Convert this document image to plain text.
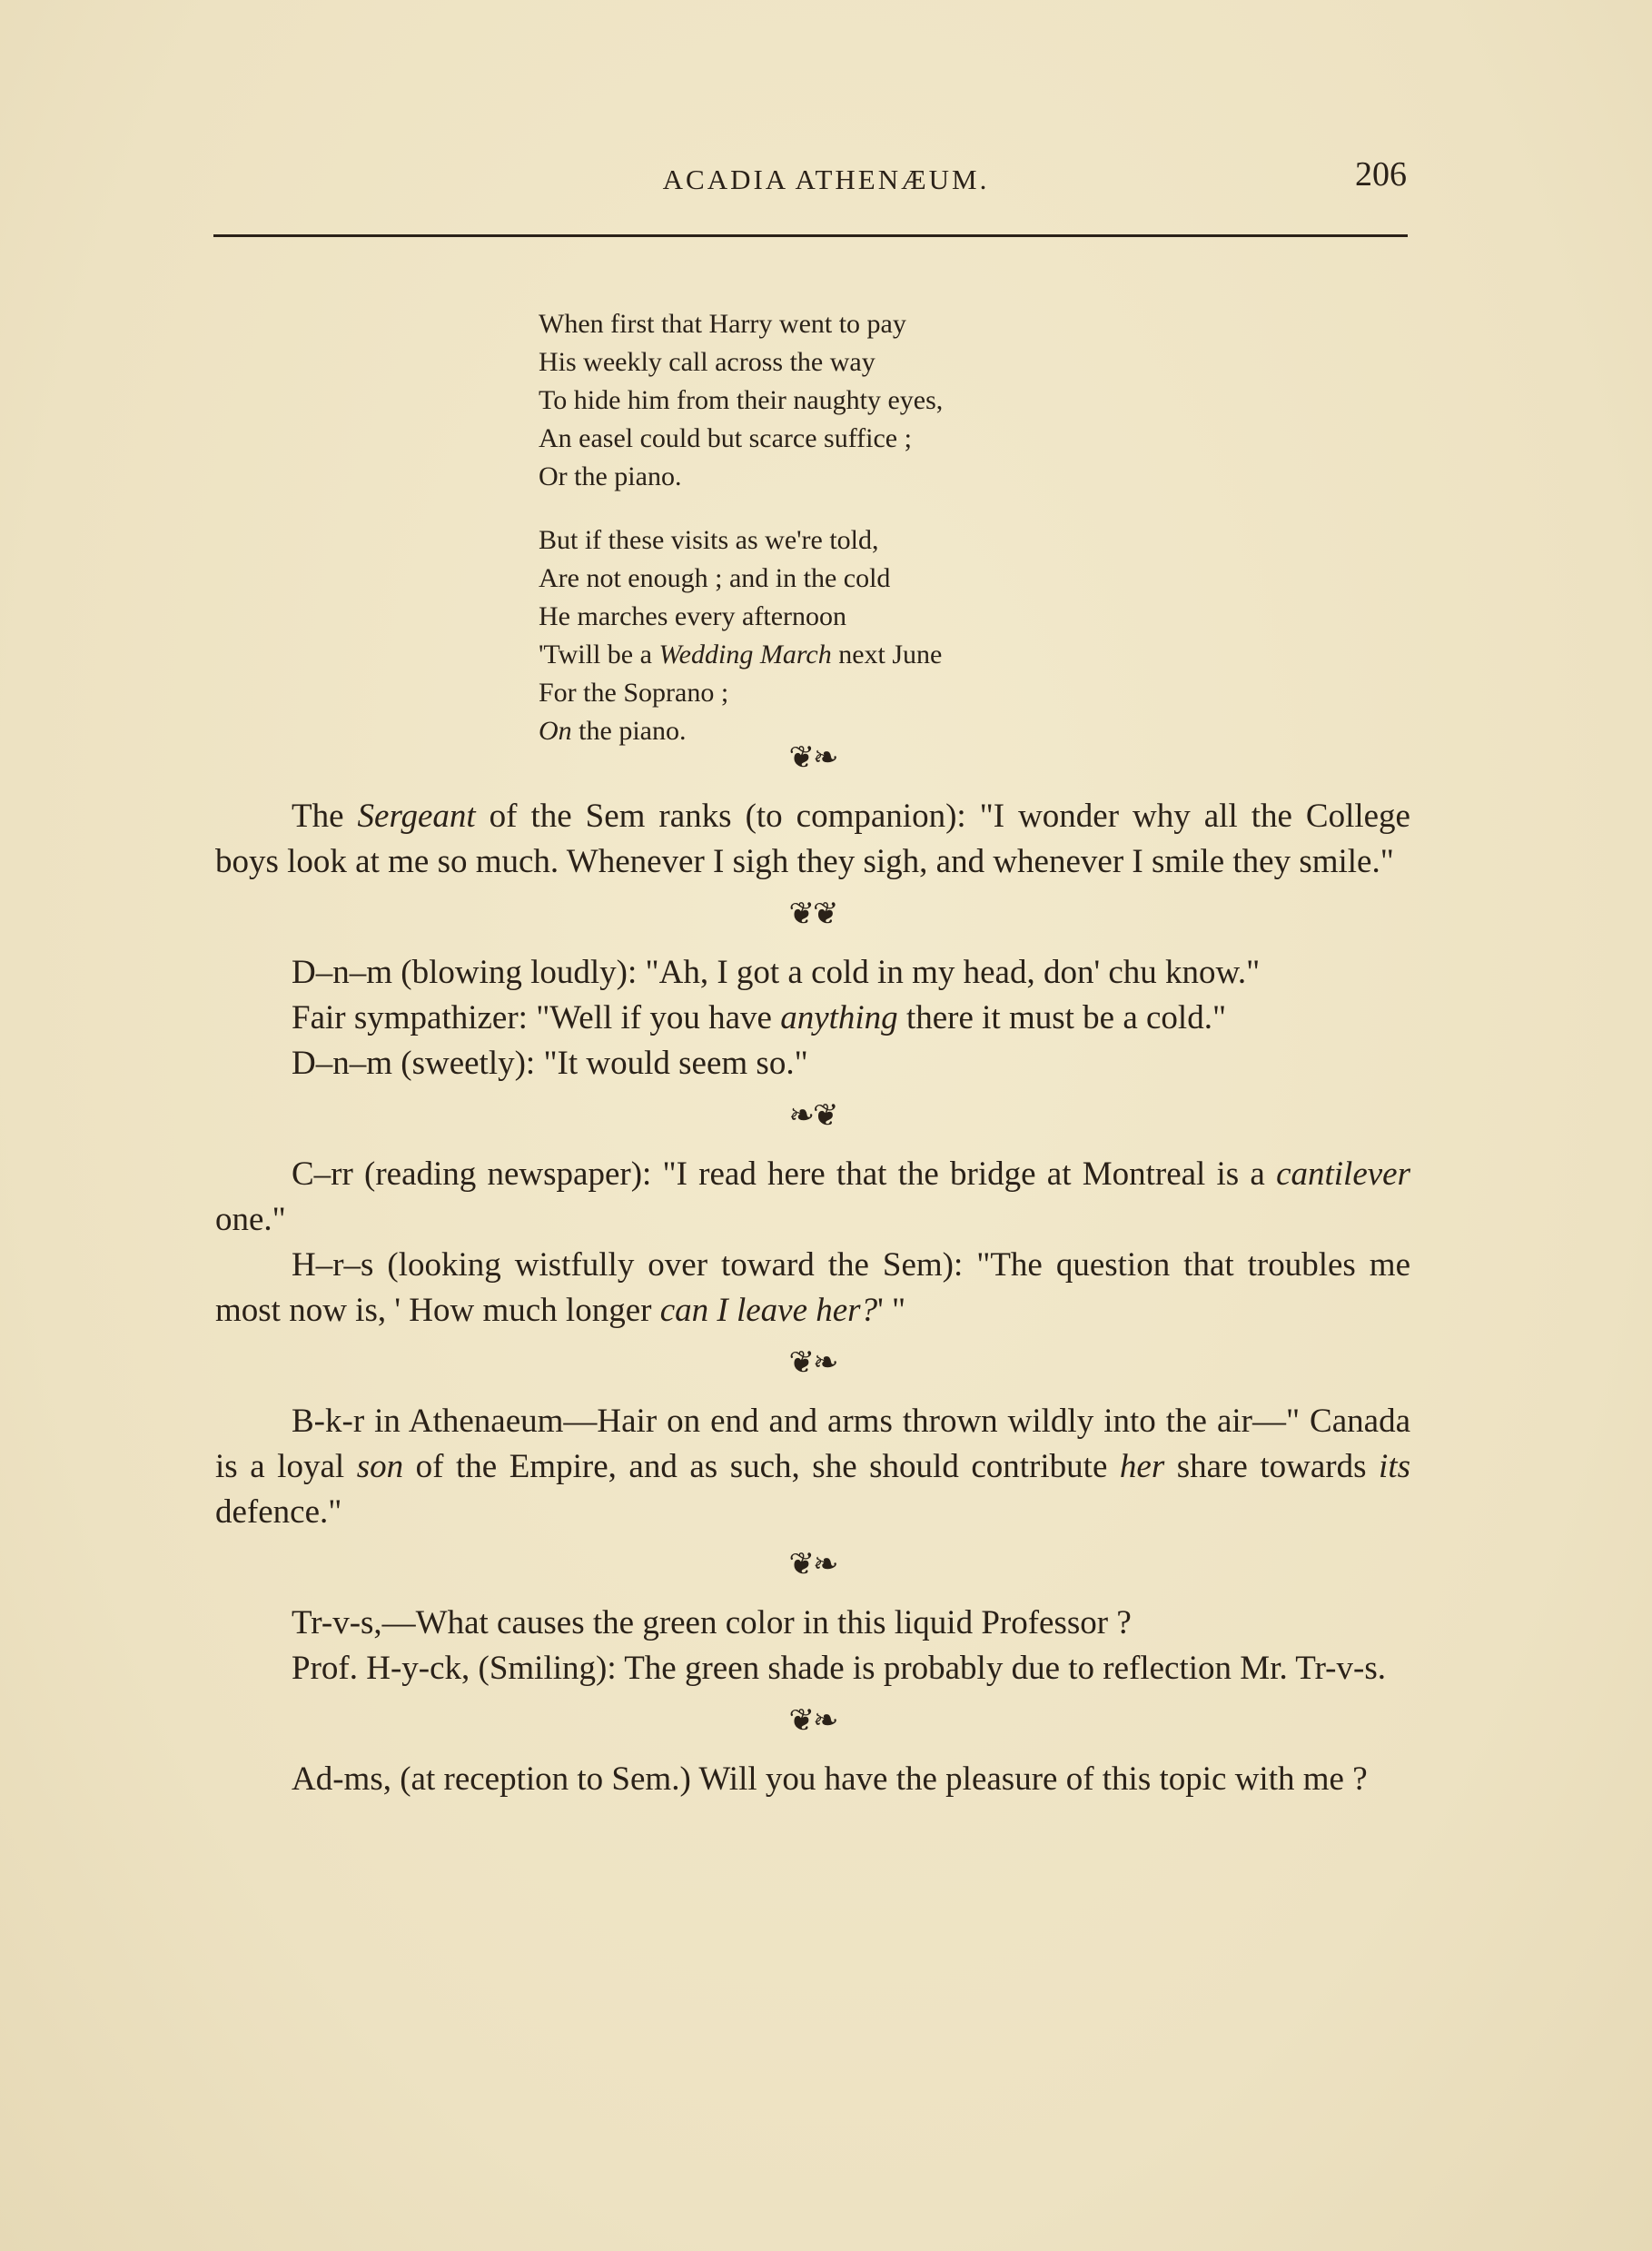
ACADIA ATHENÆUM.	206
When first that Harry went to pay
His weekly call across the way
To hide him from their naughty eyes,
An easel could but scarce suffice ;
Or the piano.
But if these visits as we're told,
Are not enough ; and in the cold
He marches every afternoon
'Twill be a Wedding March next June
For the Soprano ;
On the piano.
❦❧

The Sergeant of the Sem ranks (to companion): "I wonder why all the College boys look at me so much. Whenever I sigh they sigh, and whenever I smile they smile."

❦❦

D–n–m (blowing loudly): "Ah, I got a cold in my head, don' chu know."

Fair sympathizer: "Well if you have anything there it must be a cold."

D–n–m (sweetly): "It would seem so."

❧❦

C–rr (reading newspaper): "I read here that the bridge at Montreal is a cantilever one."

H–r–s (looking wistfully over toward the Sem): "The question that troubles me most now is, ' How much longer can I leave her?' "

❦❧

B-k-r in Athenaeum—Hair on end and arms thrown wildly into the air—" Canada is a loyal son of the Empire, and as such, she should contribute her share towards its defence."

❦❧

Tr-v-s,—What causes the green color in this liquid Professor ?

Prof. H-y-ck, (Smiling): The green shade is probably due to reflection Mr. Tr-v-s.

❦❧

Ad-ms, (at reception to Sem.) Will you have the pleasure of this topic with me ?
